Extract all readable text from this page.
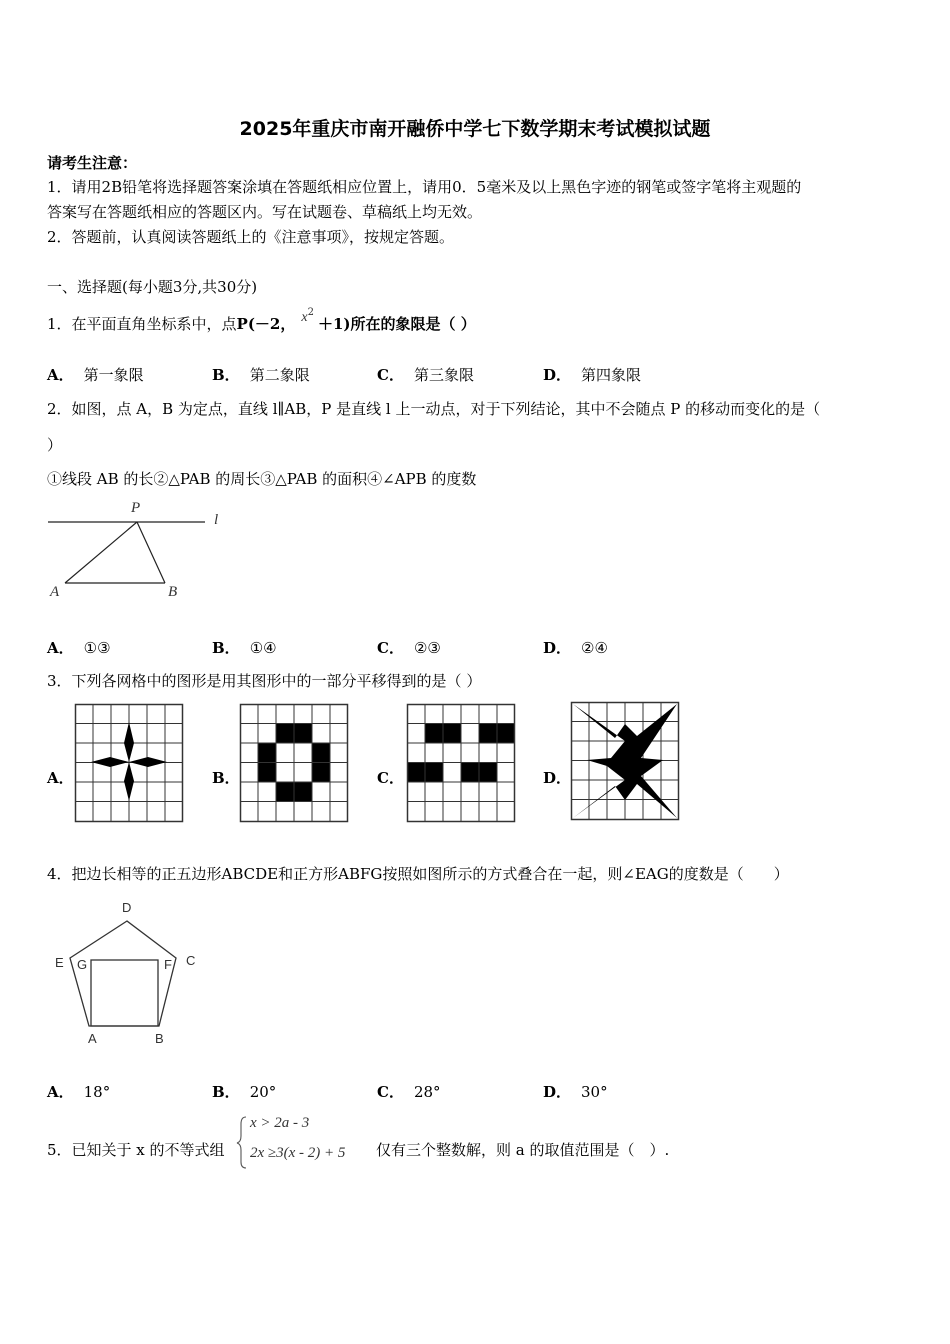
2025年重庆市南开融侨中学七下数学期末考试模拟试题
请考生注意：
1．请用2B铅笔将选择题答案涂填在答题纸相应位置上，请用0．5毫米及以上黑色字迹的钢笔或签字笔将主观题的
答案写在答题纸相应的答题区内。写在试题卷、草稿纸上均无效。
2．答题前，认真阅读答题纸上的《注意事项》，按规定答题。
一、选择题(每小题3分,共30分)
1．在平面直角坐标系中，点P(－2， $x^2+1$)所在的象限是（ ）
A． 第一象限	B． 第二象限	C． 第三象限	D． 第四象限
2．如图，点 A，B 为定点，直线 l∥AB，P 是直线 l 上一动点，对于下列结论，其中不会随点 P 的移动而变化的是（
）
①线段 AB 的长②△PAB 的周长③△PAB 的面积④∠APB 的度数
P
l
A	B
A． ①③	B． ①④	C． ②③	D． ②④
3．下列各网格中的图形是用其图形中的一部分平移得到的是（ ）
A．	B．	C．	D．
4．把边长相等的正五边形ABCDE和正方形ABFG按照如图所示的方式叠合在一起，则∠EAG的度数是（　　）
D
E G	F C
A	B
A． 18°	B． 20°	C． 28°	D． 30°
5．已知关于 x 的不等式组
x > 2a - 3
2x ≥3(x - 2) + 5 仅有三个整数解，则 a 的取值范围是（　）.
